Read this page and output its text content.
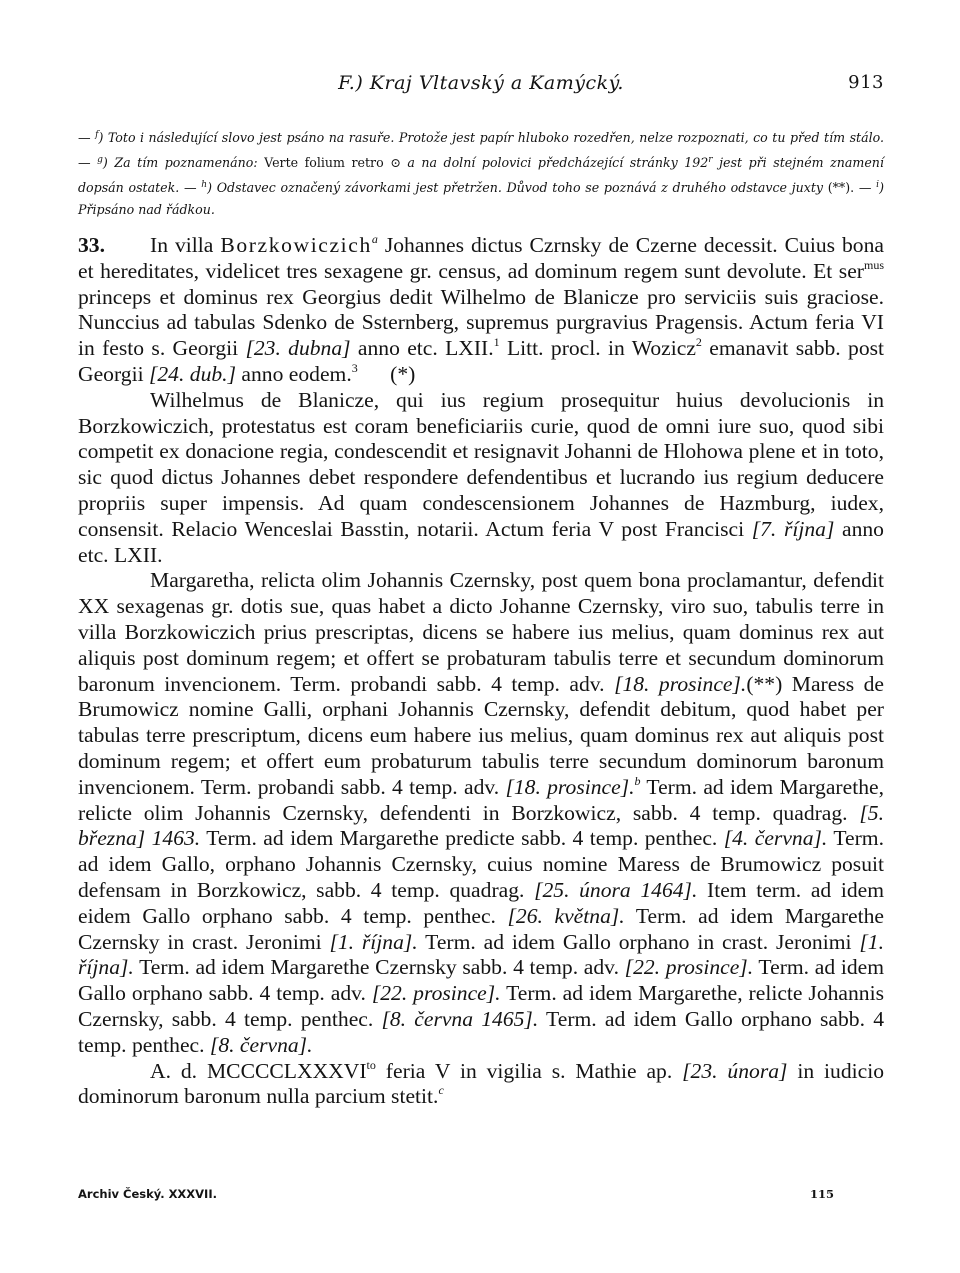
F.) Kraj Vltavský a Kamýcký.	913
— $^f$) Toto i následující slovo jest psáno na rasuře. Protože jest papír hluboko rozedřen, nelze rozpoznati, co tu před tím stálo. — $^g$) Za tím poznamenáno: Verte folium retro ⊙ a na dolní polovici předcházející stránky 192$^r$ jest při stejném znamení dopsán ostatek. — $^h$) Odstavec označený závorkami jest přetržen. Důvod toho se poznává z druhého odstavce juxty (**). — $^i$) Připsáno nad řádkou.

33. In villa Borzkowiczich$^a$ Johannes dictus Czrnsky de Czerne decessit. Cuius bona et hereditates, videlicet tres sexagene gr. census, ad dominum regem sunt devolute. Et ser$^{mus}$ princeps et dominus rex Georgius dedit Wilhelmo de Blanicze pro serviciis suis graciose. Nunccius ad tabulas Sdenko de Ssternberg, supremus purgravius Pragensis. Actum feria VI in festo s. Georgii [23. dubna] anno etc. LXII.$^1$ Litt. procl. in Wozicz$^2$ emanavit sabb. post Georgii [24. dub.] anno eodem.$^3$ (*)

Wilhelmus de Blanicze, qui ius regium prosequitur huius devolucionis in Borzkowiczich, protestatus est coram beneficiariis curie, quod de omni iure suo, quod sibi competit ex donacione regia, condescendit et resignavit Johanni de Hlohowa plene et in toto, sic quod dictus Johannes debet respondere defendentibus et lucrando ius regium deducere propriis super impensis. Ad quam condescensionem Johannes de Hazmburg, iudex, consensit. Relacio Wenceslai Basstin, notarii. Actum feria V post Francisci [7. října] anno etc. LXII.

Margaretha, relicta olim Johannis Czernsky, post quem bona proclamantur, defendit XX sexagenas gr. dotis sue, quas habet a dicto Johanne Czernsky, viro suo, tabulis terre in villa Borzkowiczich prius prescriptas, dicens se habere ius melius, quam dominus rex aut aliquis post dominum regem; et offert se probaturam tabulis terre et secundum dominorum baronum invencionem. Term. probandi sabb. 4 temp. adv. [18. prosince].(**) Maress de Brumowicz nomine Galli, orphani Johannis Czernsky, defendit debitum, quod habet per tabulas terre prescriptum, dicens eum habere ius melius, quam dominus rex aut aliquis post dominum regem; et offert eum probaturum tabulis terre secundum dominorum baronum invencionem. Term. probandi sabb. 4 temp. adv. [18. prosince].$^b$ Term. ad idem Margarethe, relicte olim Johannis Czernsky, defendenti in Borzkowicz, sabb. 4 temp. quadrag. [5. března] 1463. Term. ad idem Margarethe predicte sabb. 4 temp. penthec. [4. června]. Term. ad idem Gallo, orphano Johannis Czernsky, cuius nomine Maress de Brumowicz posuit defensam in Borzkowicz, sabb. 4 temp. quadrag. [25. února 1464]. Item term. ad idem eidem Gallo orphano sabb. 4 temp. penthec. [26. května]. Term. ad idem Margarethe Czernsky in crast. Jeronimi [1. října]. Term. ad idem Gallo orphano in crast. Jeronimi [1. října]. Term. ad idem Margarethe Czernsky sabb. 4 temp. adv. [22. prosince]. Term. ad idem Gallo orphano sabb. 4 temp. adv. [22. prosince]. Term. ad idem Margarethe, relicte Johannis Czernsky, sabb. 4 temp. penthec. [8. června 1465]. Term. ad idem Gallo orphano sabb. 4 temp. penthec. [8. června].

A. d. $MCCCCLXXXVI^{to}$ feria V in vigilia s. Mathie ap. [23. února] in iudicio dominorum baronum nulla parcium stetit.$^c$

Archiv Český. XXXVII.	115
